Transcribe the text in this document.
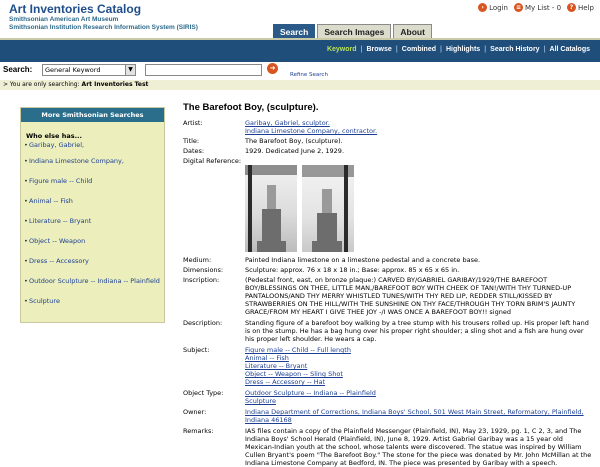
Art Inventories Catalog
Smithsonian American Art Museum
Smithsonian Institution Research Information System (SIRIS)
› Login	≡ My List - 0	? Help
Search	Search Images	About
Keyword | Browse | Combined | Highlights | Search History | All Catalogs
Search:	General Keyword	▼	➜
Refine Search
> You are only searching: Art Inventories Test
More Smithsonian Searches
Who else has...
• Garibay, Gabriel,
• Indiana Limestone Company,
• Figure male -- Child
• Animal -- Fish
• Literature -- Bryant
• Object -- Weapon
• Dress -- Accessory
• Outdoor Sculpture -- Indiana -- Plainfield
• Sculpture
The Barefoot Boy, (sculpture).
Artist:	Garibay, Gabriel, sculptor.
Indiana Limestone Company, contractor.
Title:	The Barefoot Boy, (sculpture).
Dates:	1929. Dedicated June 2, 1929.
Digital Reference:
Medium:	Painted Indiana limestone on a limestone pedestal and a concrete base.
Dimensions:	Sculpture: approx. 76 x 18 x 18 in.; Base: approx. 85 x 65 x 65 in.
Inscription:	(Pedestal front, east, on bronze plaque:) CARVED BY/GABRIEL GARIBAY/1929/THE BAREFOOT BOY/BLESSINGS ON THEE, LITTLE MAN,/BAREFOOT BOY WITH CHEEK OF TAN!/WITH THY TURNED-UP PANTALOONS/AND THY MERRY WHISTLED TUNES/WITH THY RED LIP, REDDER STILL/KISSED BY STRAWBERRIES ON THE HILL/WITH THE SUNSHINE ON THY FACE/THROUGH THY TORN BRIM'S JAUNTY GRACE/FROM MY HEART I GIVE THEE JOY -/I WAS ONCE A BAREFOOT BOY!! signed
Description:	Standing figure of a barefoot boy walking by a tree stump with his trousers rolled up. His proper left hand is on the stump. He has a bag hung over his proper right shoulder; a sling shot and a fish are hung over his proper left shoulder. He wears a cap.
Subject:	Figure male -- Child -- Full length
Animal -- Fish
Literature -- Bryant
Object -- Weapon -- Sling Shot
Dress -- Accessory -- Hat
Object Type:	Outdoor Sculpture -- Indiana -- Plainfield
Sculpture
Owner:	Indiana Department of Corrections, Indiana Boys' School, 501 West Main Street, Reformatory, Plainfield, Indiana 46168
Remarks:	IAS files contain a copy of the Plainfield Messenger (Plainfield, IN), May 23, 1929, pg. 1, C 2, 3, and The Indiana Boys' School Herald (Plainfield, IN), June 8, 1929. Artist Gabriel Garibay was a 15 year old Mexican-Indian youth at the school, whose talents were discovered. The statue was inspired by William Cullen Bryant's poem "The Barefoot Boy." The stone for the piece was donated by Mr. John McMillan at the Indiana Limestone Company at Bedford, IN. The piece was presented by Garibay with a speech.
